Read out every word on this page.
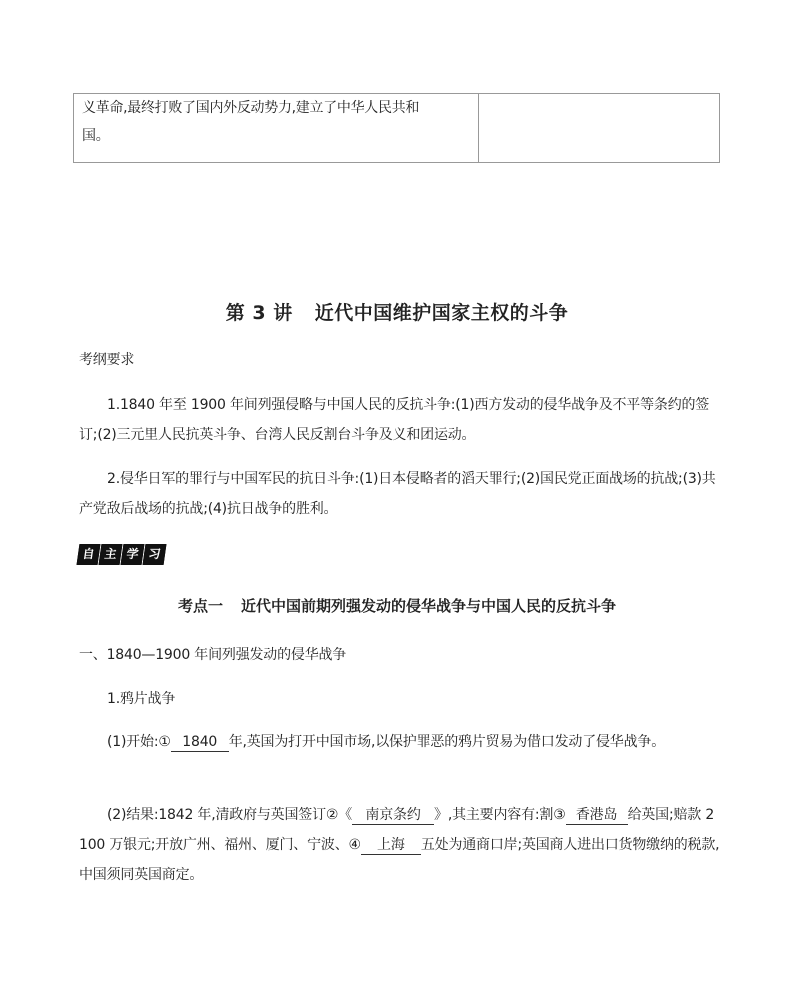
义革命,最终打败了国内外反动势力,建立了中华人民共和
国。

第 3 讲 近代中国维护国家主权的斗争
考纲要求
1.1840 年至 1900 年间列强侵略与中国人民的反抗斗争:(1)西方发动的侵华战争及不平等条约的签订;(2)三元里人民抗英斗争、台湾人民反割台斗争及义和团运动。
2.侵华日军的罪行与中国军民的抗日斗争:(1)日本侵略者的滔天罪行;(2)国民党正面战场的抗战;(3)共产党敌后战场的抗战;(4)抗日战争的胜利。
自 主 学 习
考点一 近代中国前期列强发动的侵华战争与中国人民的反抗斗争
一、1840—1900 年间列强发动的侵华战争
1.鸦片战争
(1)开始:① 1840 年,英国为打开中国市场,以保护罪恶的鸦片贸易为借口发动了侵华战争。
(2)结果:1842 年,清政府与英国签订②《 南京条约 》,其主要内容有:割③ 香港岛 给英国;赔款 2 100 万银元;开放广州、福州、厦门、宁波、④ 上海 五处为通商口岸;英国商人进出口货物缴纳的税款,中国须同英国商定。
